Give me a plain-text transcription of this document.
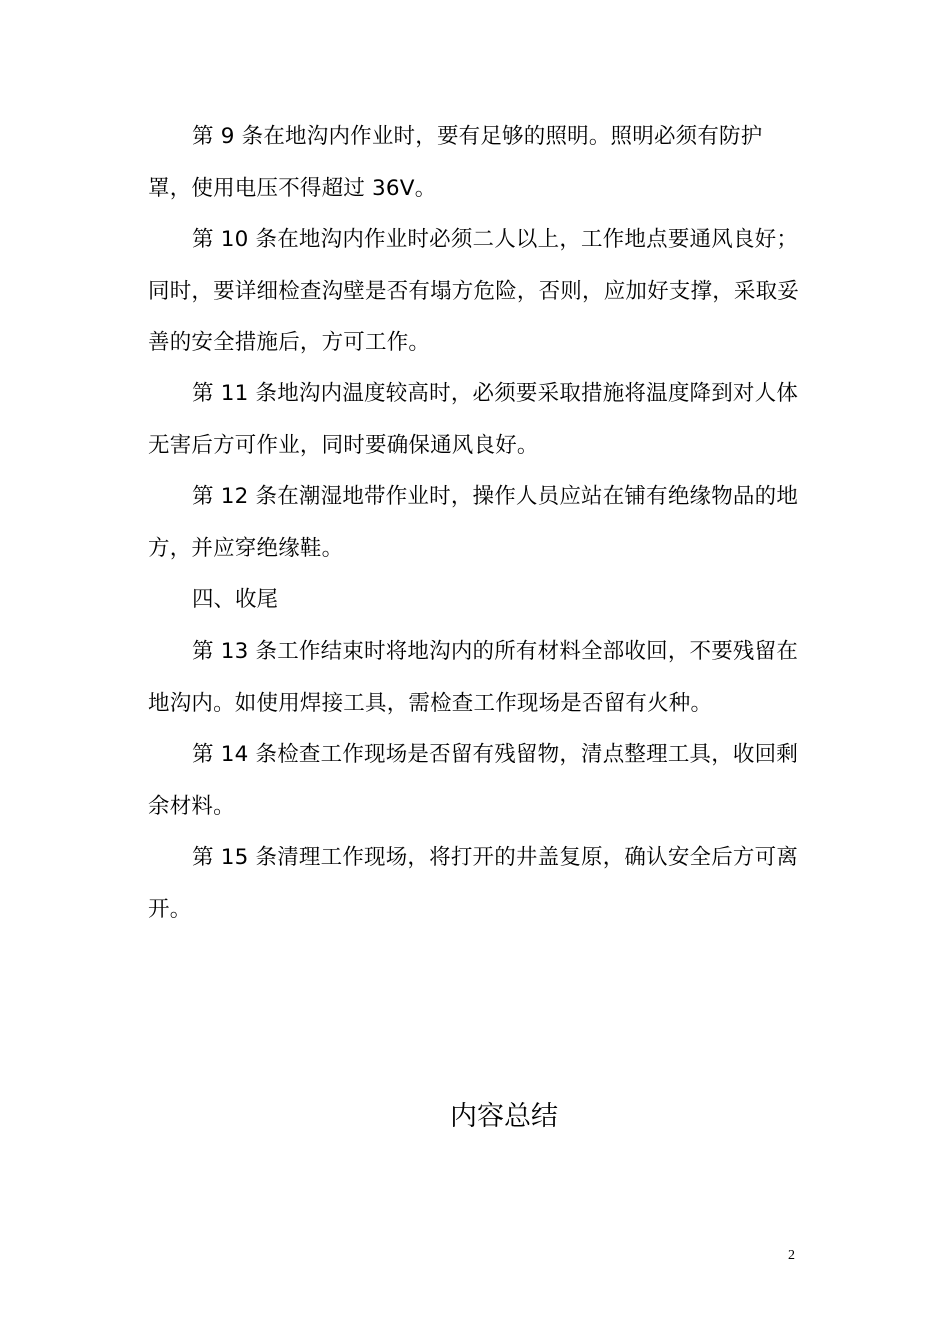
第 9 条在地沟内作业时，要有足够的照明。照明必须有防护罩，使用电压不得超过 36V。

第 10 条在地沟内作业时必须二人以上，工作地点要通风良好；同时，要详细检查沟壁是否有塌方危险，否则，应加好支撑，采取妥善的安全措施后，方可工作。

第 11 条地沟内温度较高时，必须要采取措施将温度降到对人体无害后方可作业，同时要确保通风良好。

第 12 条在潮湿地带作业时，操作人员应站在铺有绝缘物品的地方，并应穿绝缘鞋。

四、收尾

第 13 条工作结束时将地沟内的所有材料全部收回，不要残留在地沟内。如使用焊接工具，需检查工作现场是否留有火种。

第 14 条检查工作现场是否留有残留物，清点整理工具，收回剩余材料。

第 15 条清理工作现场，将打开的井盖复原，确认安全后方可离开。

内容总结

2
